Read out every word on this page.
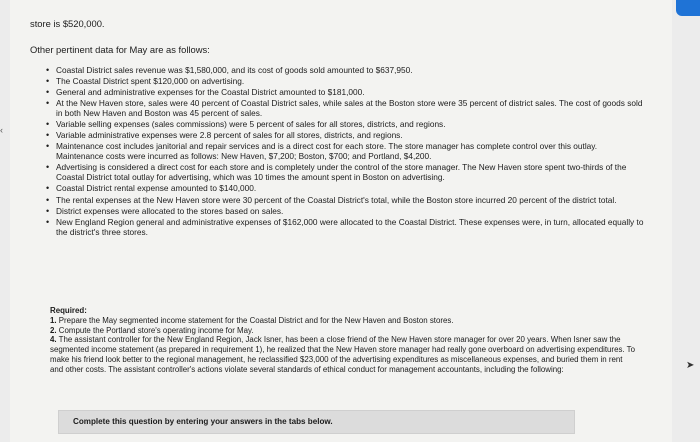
store is $520,000.
Other pertinent data for May are as follows:
• Coastal District sales revenue was $1,580,000, and its cost of goods sold amounted to $637,950.
• The Coastal District spent $120,000 on advertising.
• General and administrative expenses for the Coastal District amounted to $181,000.
• At the New Haven store, sales were 40 percent of Coastal District sales, while sales at the Boston store were 35 percent of district sales. The cost of goods sold in both New Haven and Boston was 45 percent of sales.
• Variable selling expenses (sales commissions) were 5 percent of sales for all stores, districts, and regions.
• Variable administrative expenses were 2.8 percent of sales for all stores, districts, and regions.
• Maintenance cost includes janitorial and repair services and is a direct cost for each store. The store manager has complete control over this outlay. Maintenance costs were incurred as follows: New Haven, $7,200; Boston, $700; and Portland, $4,200.
• Advertising is considered a direct cost for each store and is completely under the control of the store manager. The New Haven store spent two-thirds of the Coastal District total outlay for advertising, which was 10 times the amount spent in Boston on advertising.
• Coastal District rental expense amounted to $140,000.
• The rental expenses at the New Haven store were 30 percent of the Coastal District's total, while the Boston store incurred 20 percent of the district total.
• District expenses were allocated to the stores based on sales.
• New England Region general and administrative expenses of $162,000 were allocated to the Coastal District. These expenses were, in turn, allocated equally to the district's three stores.

Required:

1. Prepare the May segmented income statement for the Coastal District and for the New Haven and Boston stores.

2. Compute the Portland store's operating income for May.

4. The assistant controller for the New England Region, Jack Isner, has been a close friend of the New Haven store manager for over 20 years. When Isner saw the segmented income statement (as prepared in requirement 1), he realized that the New Haven store manager had really gone overboard on advertising expenditures. To make his friend look better to the regional management, he reclassified $23,000 of the advertising expenditures as miscellaneous expenses, and buried them in rent and other costs. The assistant controller's actions violate several standards of ethical conduct for management accountants, including the following:

Complete this question by entering your answers in the tabs below.
‹
➤
